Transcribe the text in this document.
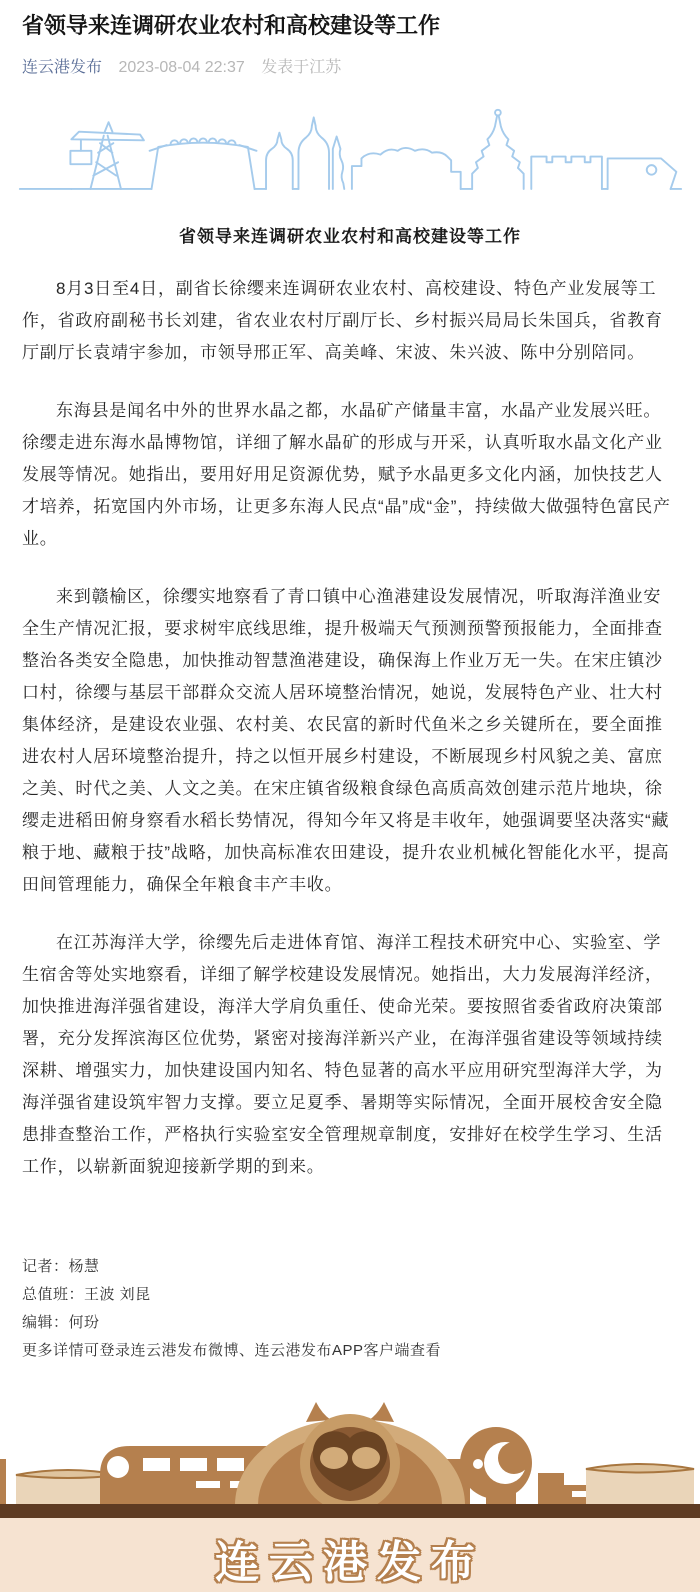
省领导来连调研农业农村和高校建设等工作
连云港发布 2023-08-04 22:37 发表于江苏
省领导来连调研农业农村和高校建设等工作

8月3日至4日，副省长徐缨来连调研农业农村、高校建设、特色产业发展等工作，省政府副秘书长刘建，省农业农村厅副厅长、乡村振兴局局长朱国兵，省教育厅副厅长袁靖宇参加，市领导邢正军、高美峰、宋波、朱兴波、陈中分别陪同。

东海县是闻名中外的世界水晶之都，水晶矿产储量丰富，水晶产业发展兴旺。徐缨走进东海水晶博物馆，详细了解水晶矿的形成与开采，认真听取水晶文化产业发展等情况。她指出，要用好用足资源优势，赋予水晶更多文化内涵，加快技艺人才培养，拓宽国内外市场，让更多东海人民点“晶”成“金”，持续做大做强特色富民产业。

来到赣榆区，徐缨实地察看了青口镇中心渔港建设发展情况，听取海洋渔业安全生产情况汇报，要求树牢底线思维，提升极端天气预测预警预报能力，全面排查整治各类安全隐患，加快推动智慧渔港建设，确保海上作业万无一失。在宋庄镇沙口村，徐缨与基层干部群众交流人居环境整治情况，她说，发展特色产业、壮大村集体经济，是建设农业强、农村美、农民富的新时代鱼米之乡关键所在，要全面推进农村人居环境整治提升，持之以恒开展乡村建设，不断展现乡村风貌之美、富庶之美、时代之美、人文之美。在宋庄镇省级粮食绿色高质高效创建示范片地块，徐缨走进稻田俯身察看水稻长势情况，得知今年又将是丰收年，她强调要坚决落实“藏粮于地、藏粮于技”战略，加快高标准农田建设，提升农业机械化智能化水平，提高田间管理能力，确保全年粮食丰产丰收。

在江苏海洋大学，徐缨先后走进体育馆、海洋工程技术研究中心、实验室、学生宿舍等处实地察看，详细了解学校建设发展情况。她指出，大力发展海洋经济，加快推进海洋强省建设，海洋大学肩负重任、使命光荣。要按照省委省政府决策部署，充分发挥滨海区位优势，紧密对接海洋新兴产业，在海洋强省建设等领域持续深耕、增强实力，加快建设国内知名、特色显著的高水平应用研究型海洋大学，为海洋强省建设筑牢智力支撑。要立足夏季、暑期等实际情况，全面开展校舍安全隐患排查整治工作，严格执行实验室安全管理规章制度，安排好在校学生学习、生活工作，以崭新面貌迎接新学期的到来。

记者：杨慧

总值班：王波 刘昆

编辑：何玢

更多详情可登录连云港发布微博、连云港发布APP客户端查看

连云港发布
